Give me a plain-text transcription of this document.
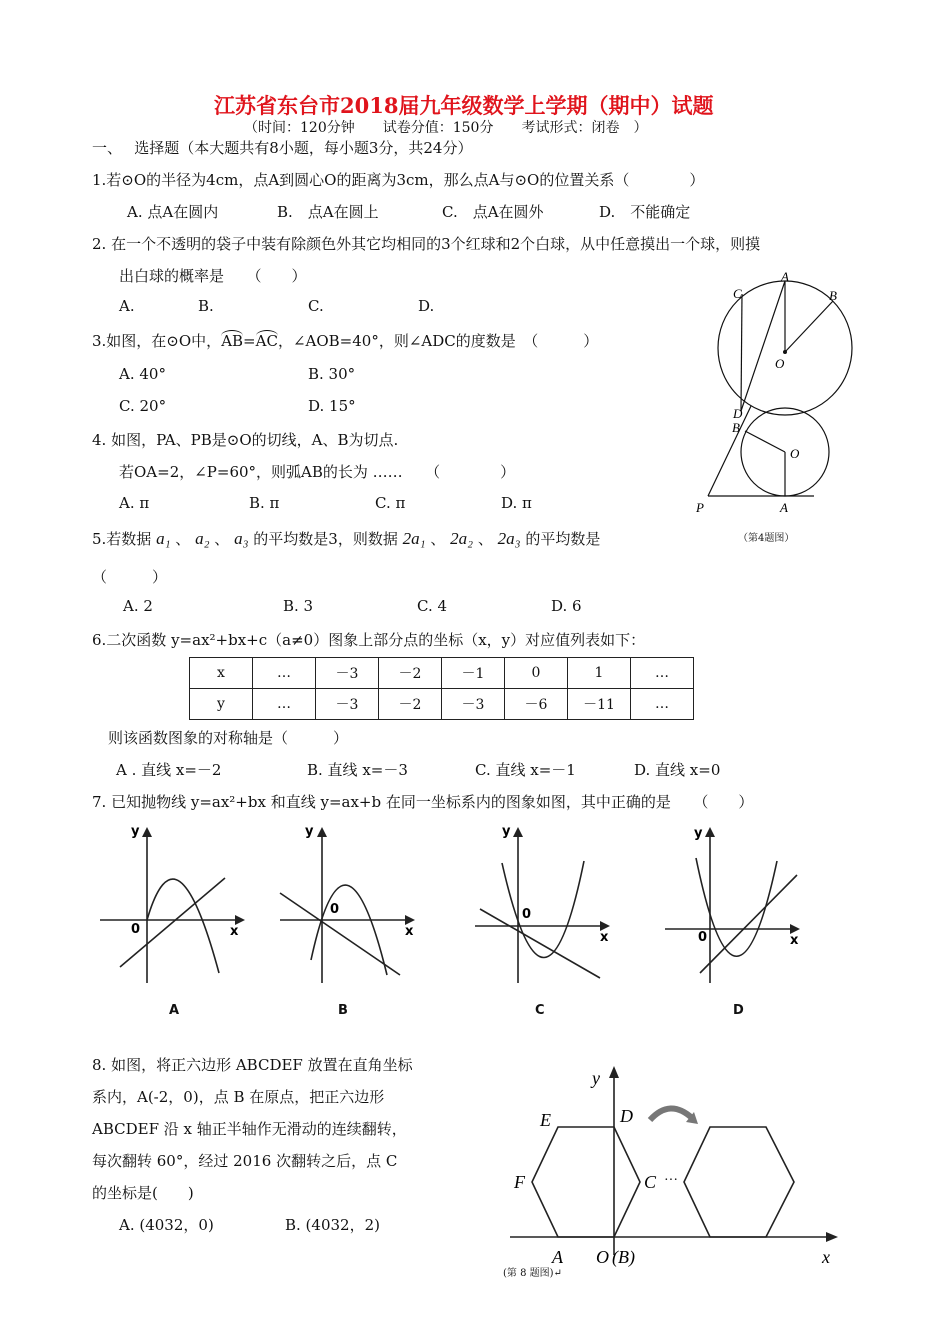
江苏省东台市2018届九年级数学上学期（期中）试题
（时间：120分钟　　试卷分值：150分　　考试形式：闭卷　）
一、　 选择题（本大题共有8小题，每小题3分，共24分）
1.若⊙O的半径为4cm，点A到圆心O的距离为3cm，那么点A与⊙O的位置关系（　　　　）
A. 点A在圆内	B.　点A在圆上	C.　点A在圆外	D.　不能确定
2. 在一个不透明的袋子中装有除颜色外其它均相同的3个红球和2个白球，从中任意摸出一个球，则摸
出白球的概率是　　（　　）
A.	B.	C.	D.
3.如图，在⊙O中，AB=AC，∠AOB=40°，则∠ADC的度数是　（　　　）
A. 40°	B. 30°
C. 20°	D. 15°
A
B
C
D
O
4. 如图，PA、PB是⊙O的切线，A、B为切点.
若OA=2，∠P=60°，则弧AB的长为 ……　　（　　　　）
A. π	B. π	C. π	D. π
B
O
P	A
（第4题图）
5.若数据 a₁ 、 a₂ 、 a₃ 的平均数是3，则数据 2a₁ 、 2a₂ 、 2a₃ 的平均数是
（　　　）
A. 2	B. 3	C. 4	D. 6
6.二次函数 y=ax²+bx+c（a≠0）图象上部分点的坐标（x，y）对应值列表如下：
x	…	－3	－2	－1	0	1	…
y	…	－3	－2	－3	－6	－11	…
则该函数图象的对称轴是（　　　）
A . 直线 x=－2	B. 直线 x=－3	C. 直线 x=－1	D. 直线 x=0
7. 已知抛物线 y=ax²+bx 和直线 y=ax+b 在同一坐标系内的图象如图，其中正确的是　　（　　）
y
x
0
A
y
x
0
B
y
x
0
C
y
x
0
D
8. 如图，将正六边形 ABCDEF 放置在直角坐标
系内，A(-2，0)，点 B 在原点，把正六边形
ABCDEF 沿 x 轴正半轴作无滑动的连续翻转，
每次翻转 60°，经过 2016 次翻转之后，点 C
的坐标是(　　)
A. (4032，0)	B. (4032，2)
y
x
E	D
F	C ···
A O (B)
(第 8 题图)↵
